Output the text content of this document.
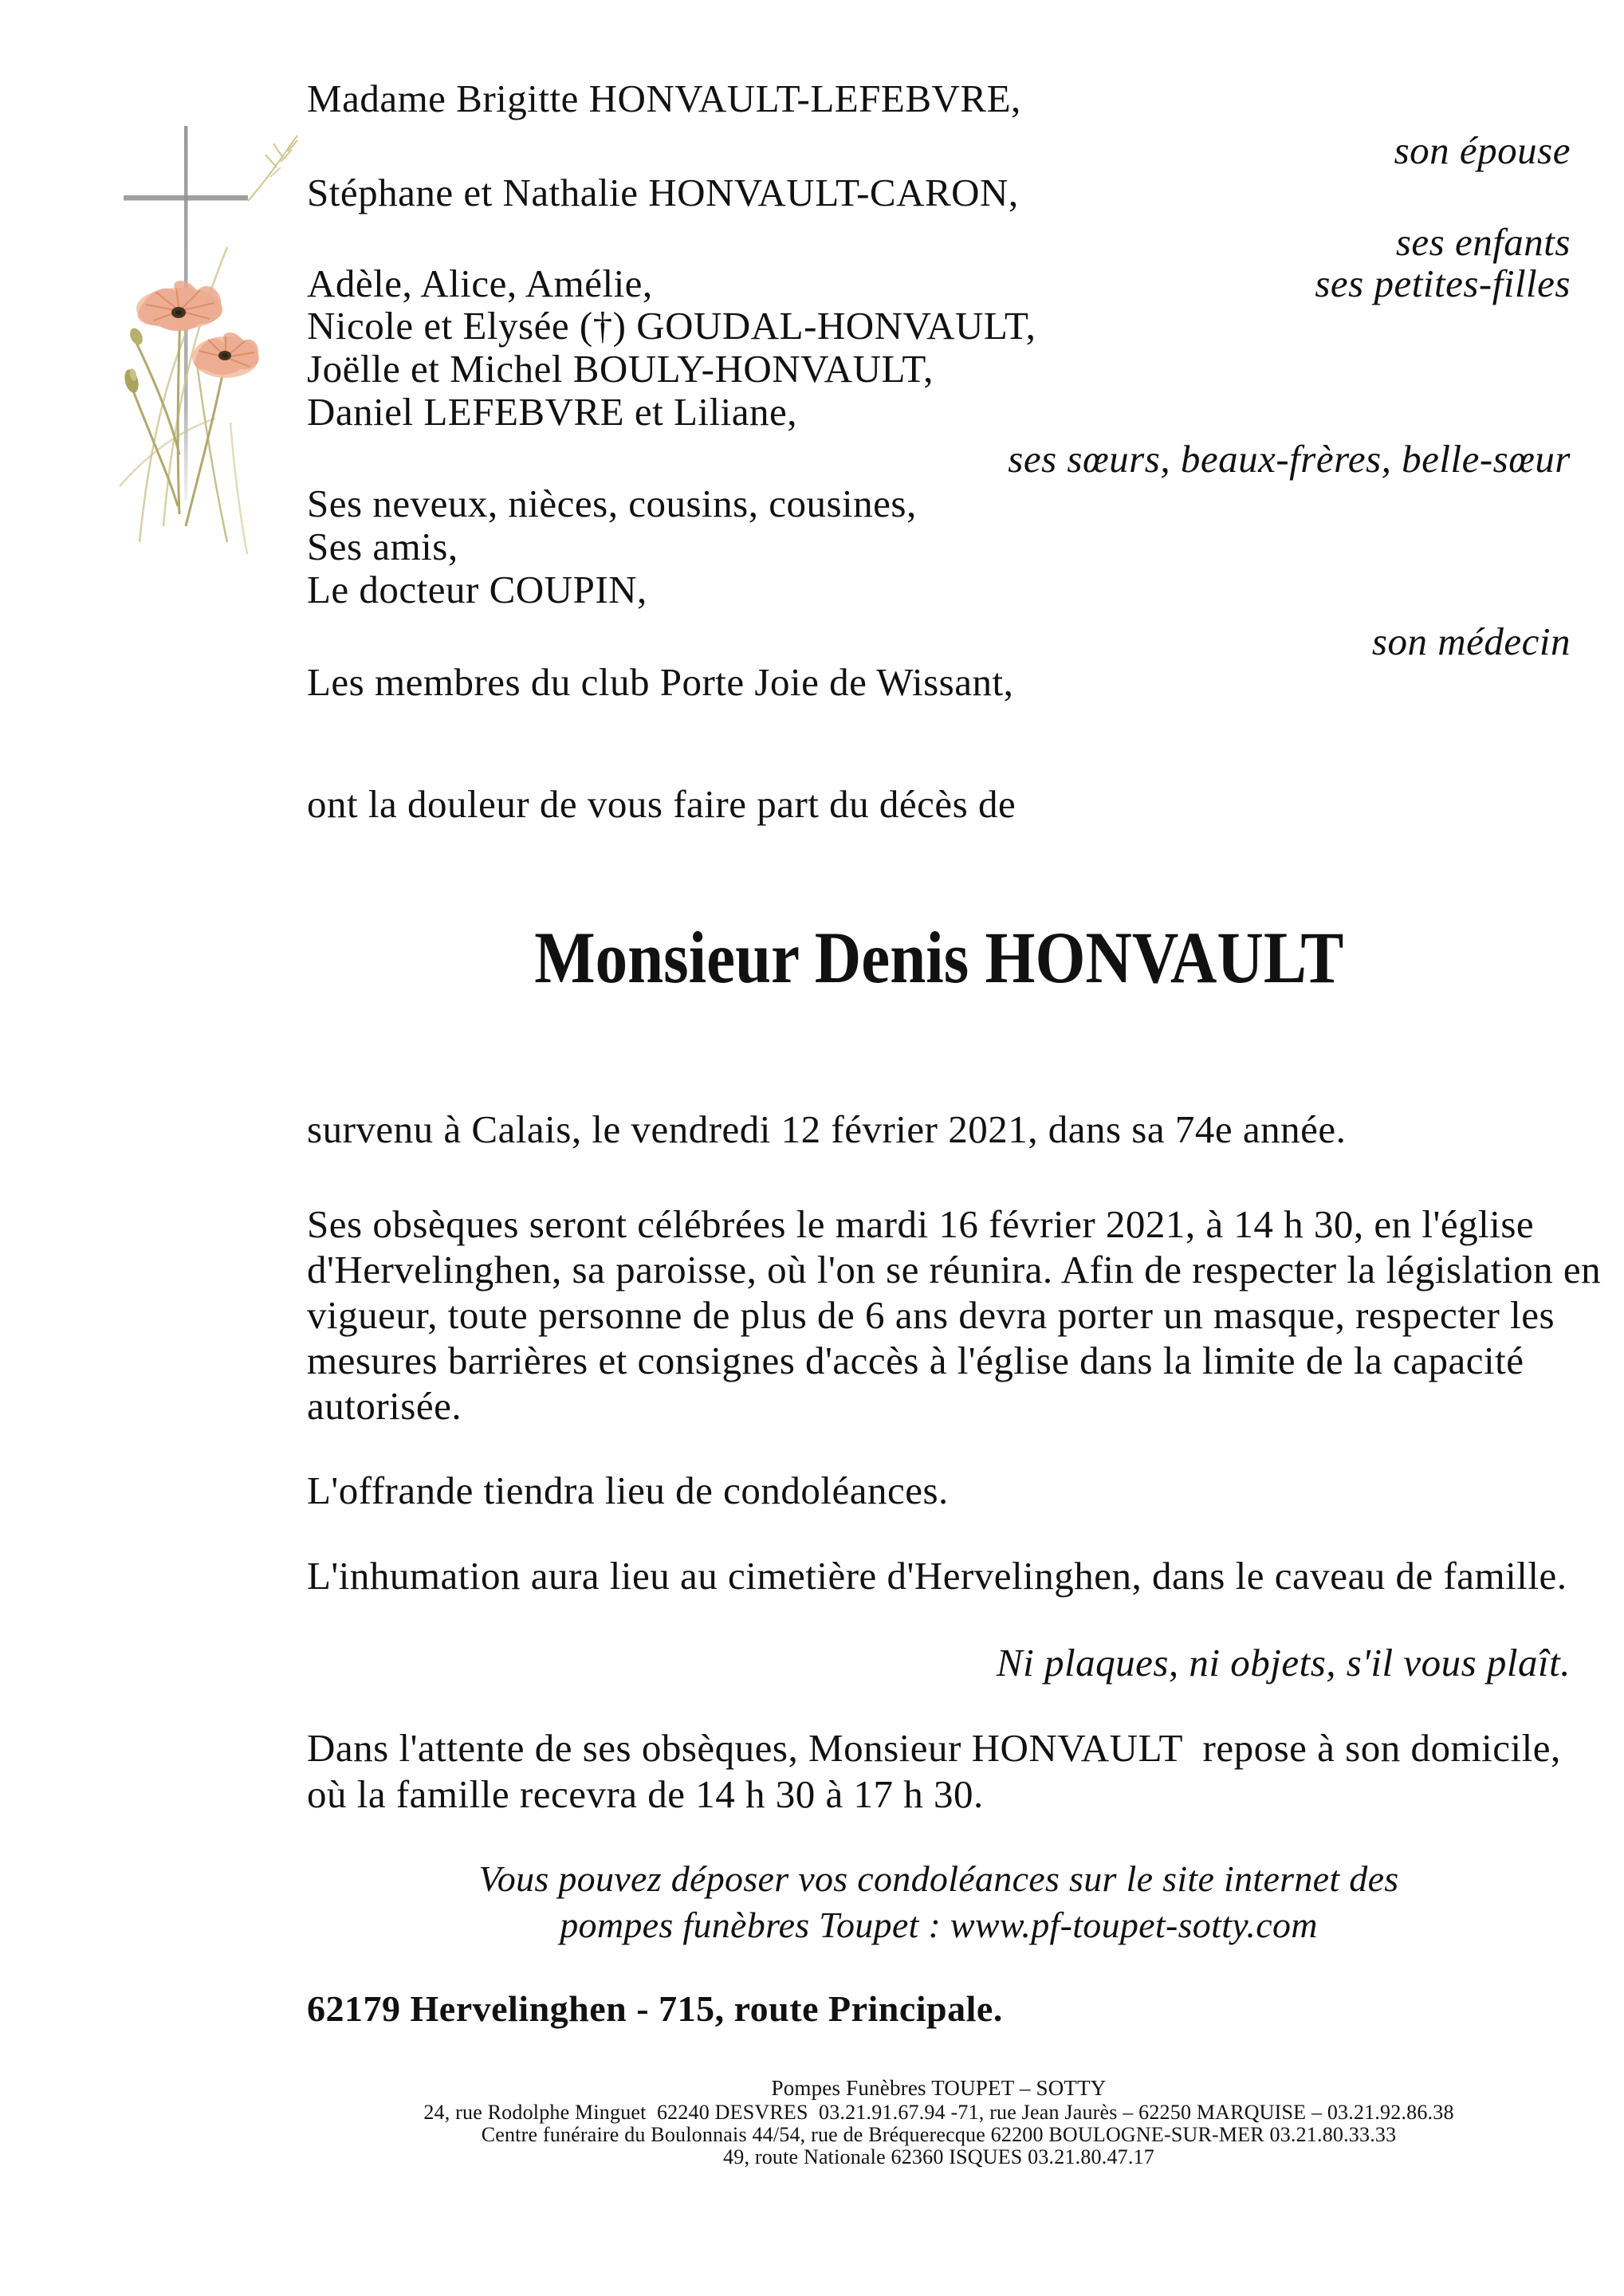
Madame Brigitte HONVAULT-LEFEBVRE,
son épouse
Stéphane et Nathalie HONVAULT-CARON,
ses enfants
Adèle, Alice, Amélie,	ses petites-filles
Nicole et Elysée (†) GOUDAL-HONVAULT,
Joëlle et Michel BOULY-HONVAULT,
Daniel LEFEBVRE et Liliane,
ses sœurs, beaux-frères, belle-sœur
Ses neveux, nièces, cousins, cousines,
Ses amis,
Le docteur COUPIN,
son médecin
Les membres du club Porte Joie de Wissant,
ont la douleur de vous faire part du décès de
Monsieur Denis HONVAULT
survenu à Calais, le vendredi 12 février 2021, dans sa 74e année.
Ses obsèques seront célébrées le mardi 16 février 2021, à 14 h 30, en l'église
d'Hervelinghen, sa paroisse, où l'on se réunira. Afin de respecter la législation en
vigueur, toute personne de plus de 6 ans devra porter un masque, respecter les
mesures barrières et consignes d'accès à l'église dans la limite de la capacité
autorisée.
L'offrande tiendra lieu de condoléances.
L'inhumation aura lieu au cimetière d'Hervelinghen, dans le caveau de famille.
Ni plaques, ni objets, s'il vous plaît.
Dans l'attente de ses obsèques, Monsieur HONVAULT  repose à son domicile,
où la famille recevra de 14 h 30 à 17 h 30.
Vous pouvez déposer vos condoléances sur le site internet des
pompes funèbres Toupet : www.pf-toupet-sotty.com
62179 Hervelinghen - 715, route Principale.
Pompes Funèbres TOUPET – SOTTY
24, rue Rodolphe Minguet  62240 DESVRES  03.21.91.67.94 -71, rue Jean Jaurès – 62250 MARQUISE – 03.21.92.86.38
Centre funéraire du Boulonnais 44/54, rue de Bréquerecque 62200 BOULOGNE-SUR-MER 03.21.80.33.33
49, route Nationale 62360 ISQUES 03.21.80.47.17
